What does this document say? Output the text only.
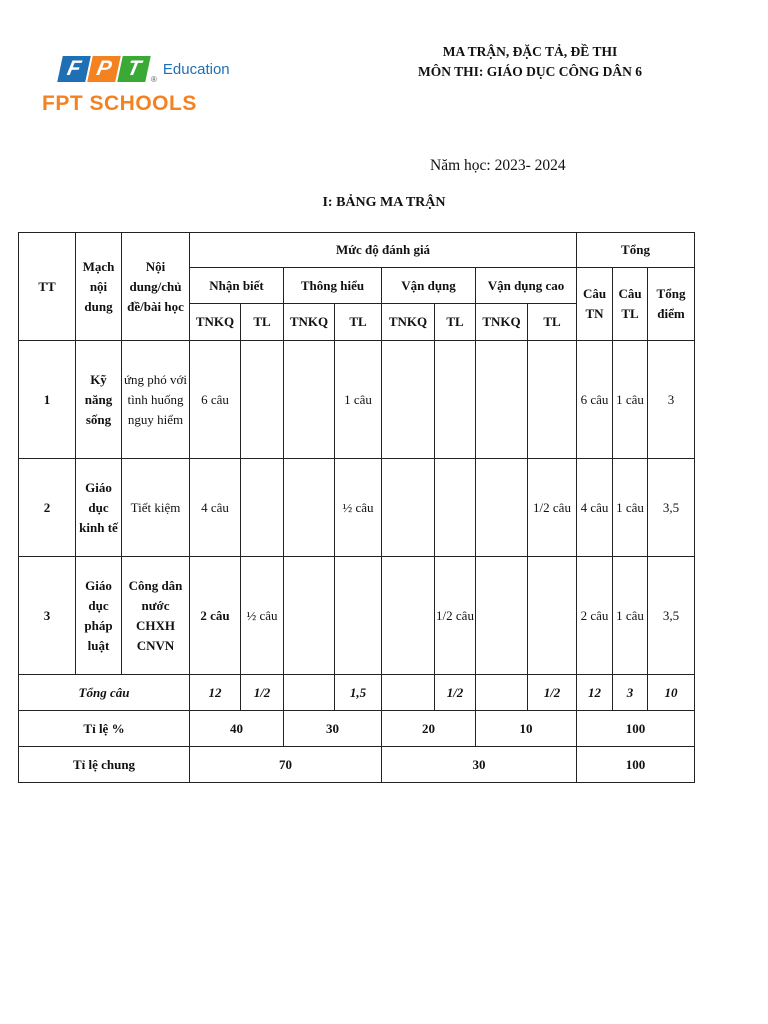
F P T	®
Education
FPT SCHOOLS
MA TRẬN, ĐẶC TẢ, ĐỀ THI
MÔN THI: GIÁO DỤC CÔNG DÂN 6
Năm học: 2023- 2024
I: BẢNG MA TRẬN
TT	Mạch nội dung	Nội dung/chủ đề/bài học	Mức độ đánh giá								Tổng		
			Nhận biết		Thông hiểu		Vận dụng		Vận dụng cao		Câu TN	Câu TL	Tổng điểm
			TNKQ	TL	TNKQ	TL	TNKQ	TL	TNKQ	TL			
1	Kỹ năng sống	ứng phó với tình huống nguy hiểm	6 câu			1 câu					6 câu	1 câu	3
2	Giáo dục kinh tế	Tiết kiệm	4 câu			½ câu				1/2 câu	4 câu	1 câu	3,5
3	Giáo dục pháp luật	Công dân nước CHXH CNVN	2 câu	½ câu				1/2 câu			2 câu	1 câu	3,5
Tổng câu			12	1/2		1,5		1/2		1/2	12	3	10
Tỉ lệ %			40		30		20		10		100		
Tỉ lệ chung			70				30				100		
